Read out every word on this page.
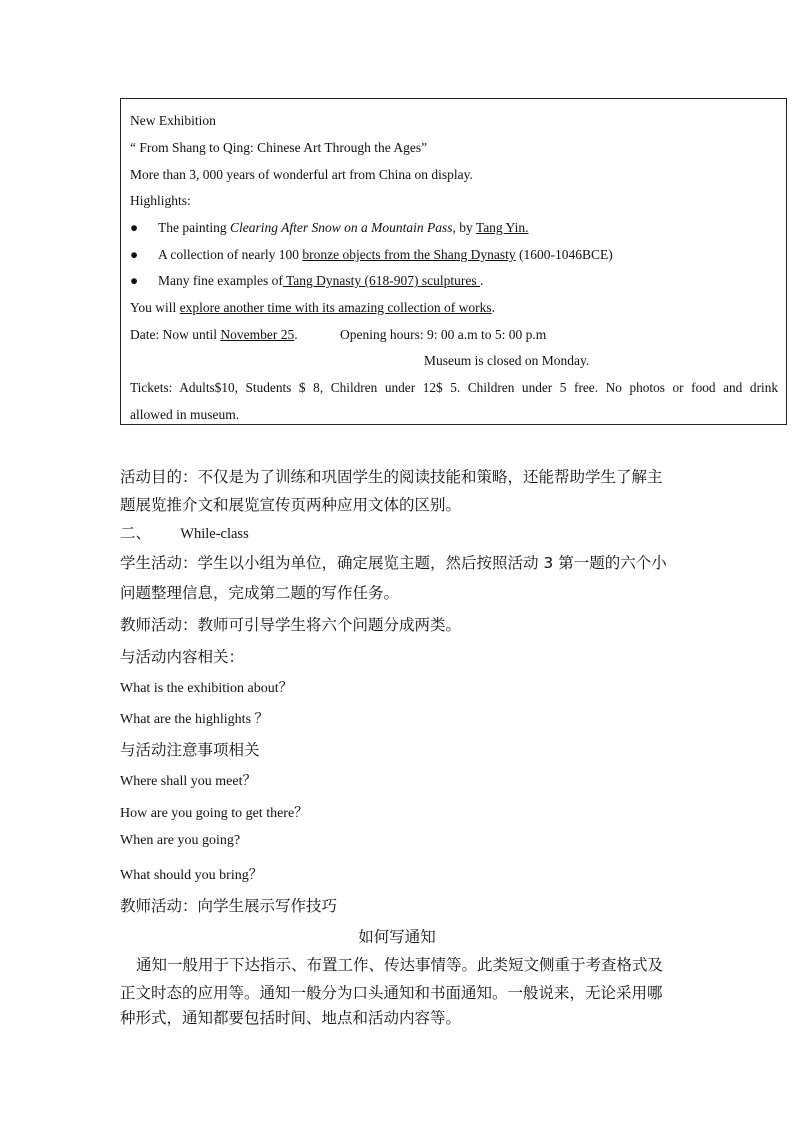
New Exhibition
“ From Shang to Qing: Chinese Art Through the Ages”
More than 3, 000 years of wonderful art from China on display.
Highlights:
● The painting Clearing After Snow on a Mountain Pass, by Tang Yin.
● A collection of nearly 100 bronze objects from the Shang Dynasty (1600-1046BCE)
● Many fine examples of Tang Dynasty (618-907) sculptures .
You will explore another time with its amazing collection of works.
Date: Now until November 25.	Opening hours: 9: 00 a.m to 5: 00 p.m
Museum is closed on Monday.
Tickets: Adults$10, Students $ 8, Children under 12$ 5. Children under 5 free. No photos or food and drink
allowed in museum.
活动目的：不仅是为了训练和巩固学生的阅读技能和策略，还能帮助学生了解主
题展览推介文和展览宣传页两种应用文体的区别。
二、 While-class
学生活动：学生以小组为单位，确定展览主题，然后按照活动 3 第一题的六个小
问题整理信息，完成第二题的写作任务。
教师活动：教师可引导学生将六个问题分成两类。
与活动内容相关：
What is the exhibition about？
What are the highlights ？
与活动注意事项相关
Where shall you meet？
How are you going to get there？
When are you going?
What should you bring？
教师活动：向学生展示写作技巧
如何写通知
通知一般用于下达指示、布置工作、传达事情等。此类短文侧重于考查格式及
正文时态的应用等。通知一般分为口头通知和书面通知。一般说来，无论采用哪
种形式，通知都要包括时间、地点和活动内容等。
